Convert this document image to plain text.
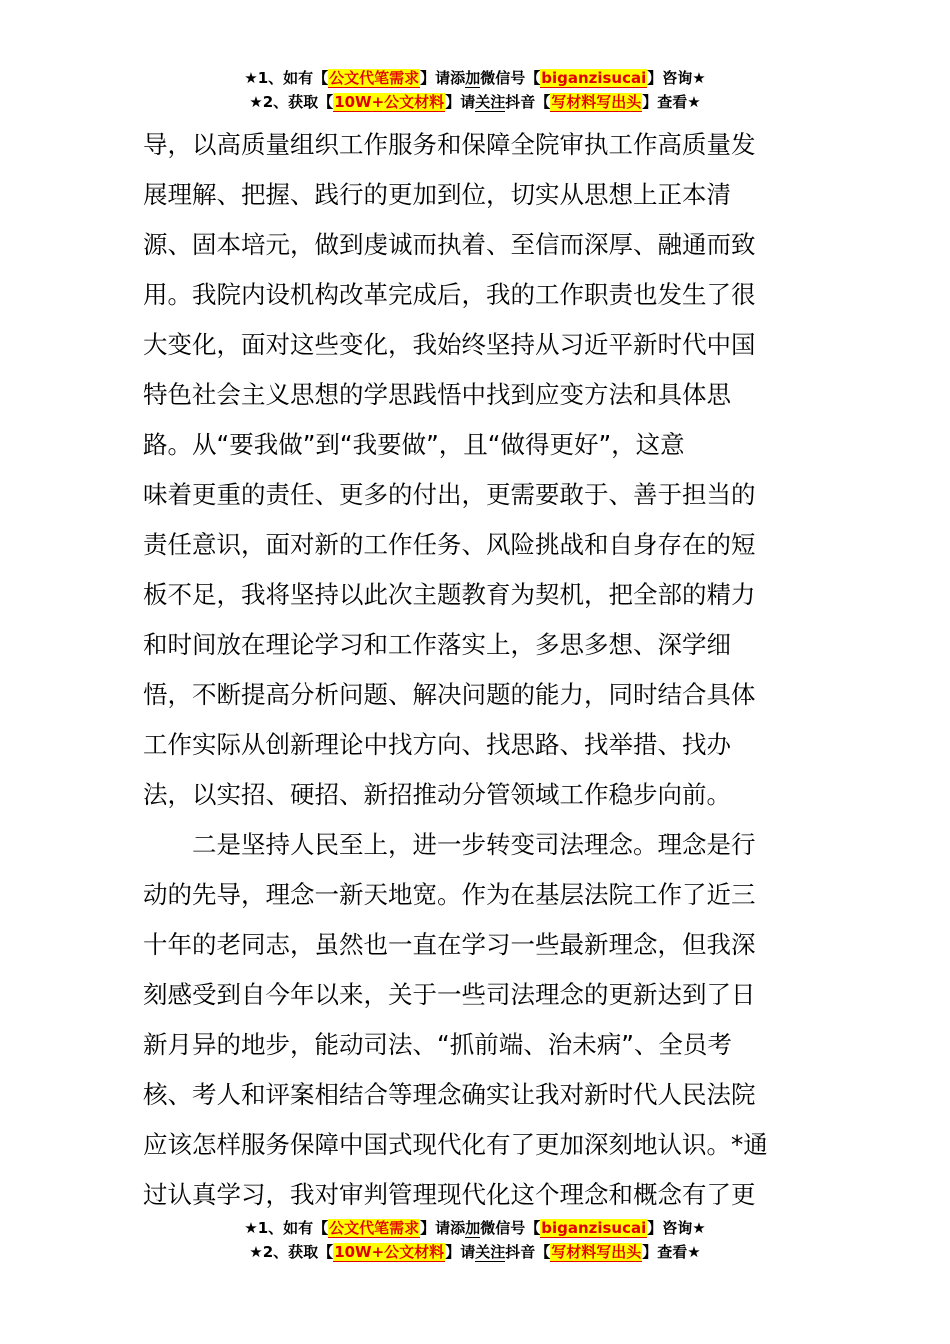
★1、如有【公文代笔需求】请添加微信号【biganzisucai】咨询★
★2、获取【10W+公文材料】请关注抖音【写材料写出头】查看★
导，以高质量组织工作服务和保障全院审执工作高质量发
展理解、把握、践行的更加到位，切实从思想上正本清
源、固本培元，做到虔诚而执着、至信而深厚、融通而致
用。我院内设机构改革完成后，我的工作职责也发生了很
大变化，面对这些变化，我始终坚持从习近平新时代中国
特色社会主义思想的学思践悟中找到应变方法和具体思
路。从“要我做”到“我要做”，且“做得更好”，这意
味着更重的责任、更多的付出，更需要敢于、善于担当的
责任意识，面对新的工作任务、风险挑战和自身存在的短
板不足，我将坚持以此次主题教育为契机，把全部的精力
和时间放在理论学习和工作落实上，多思多想、深学细
悟，不断提高分析问题、解决问题的能力，同时结合具体
工作实际从创新理论中找方向、找思路、找举措、找办
法，以实招、硬招、新招推动分管领域工作稳步向前。
　　二是坚持人民至上，进一步转变司法理念。理念是行
动的先导，理念一新天地宽。作为在基层法院工作了近三
十年的老同志，虽然也一直在学习一些最新理念，但我深
刻感受到自今年以来，关于一些司法理念的更新达到了日
新月异的地步，能动司法、“抓前端、治未病”、全员考
核、考人和评案相结合等理念确实让我对新时代人民法院
应该怎样服务保障中国式现代化有了更加深刻地认识。*通
过认真学习，我对审判管理现代化这个理念和概念有了更
★1、如有【公文代笔需求】请添加微信号【biganzisucai】咨询★
★2、获取【10W+公文材料】请关注抖音【写材料写出头】查看★
